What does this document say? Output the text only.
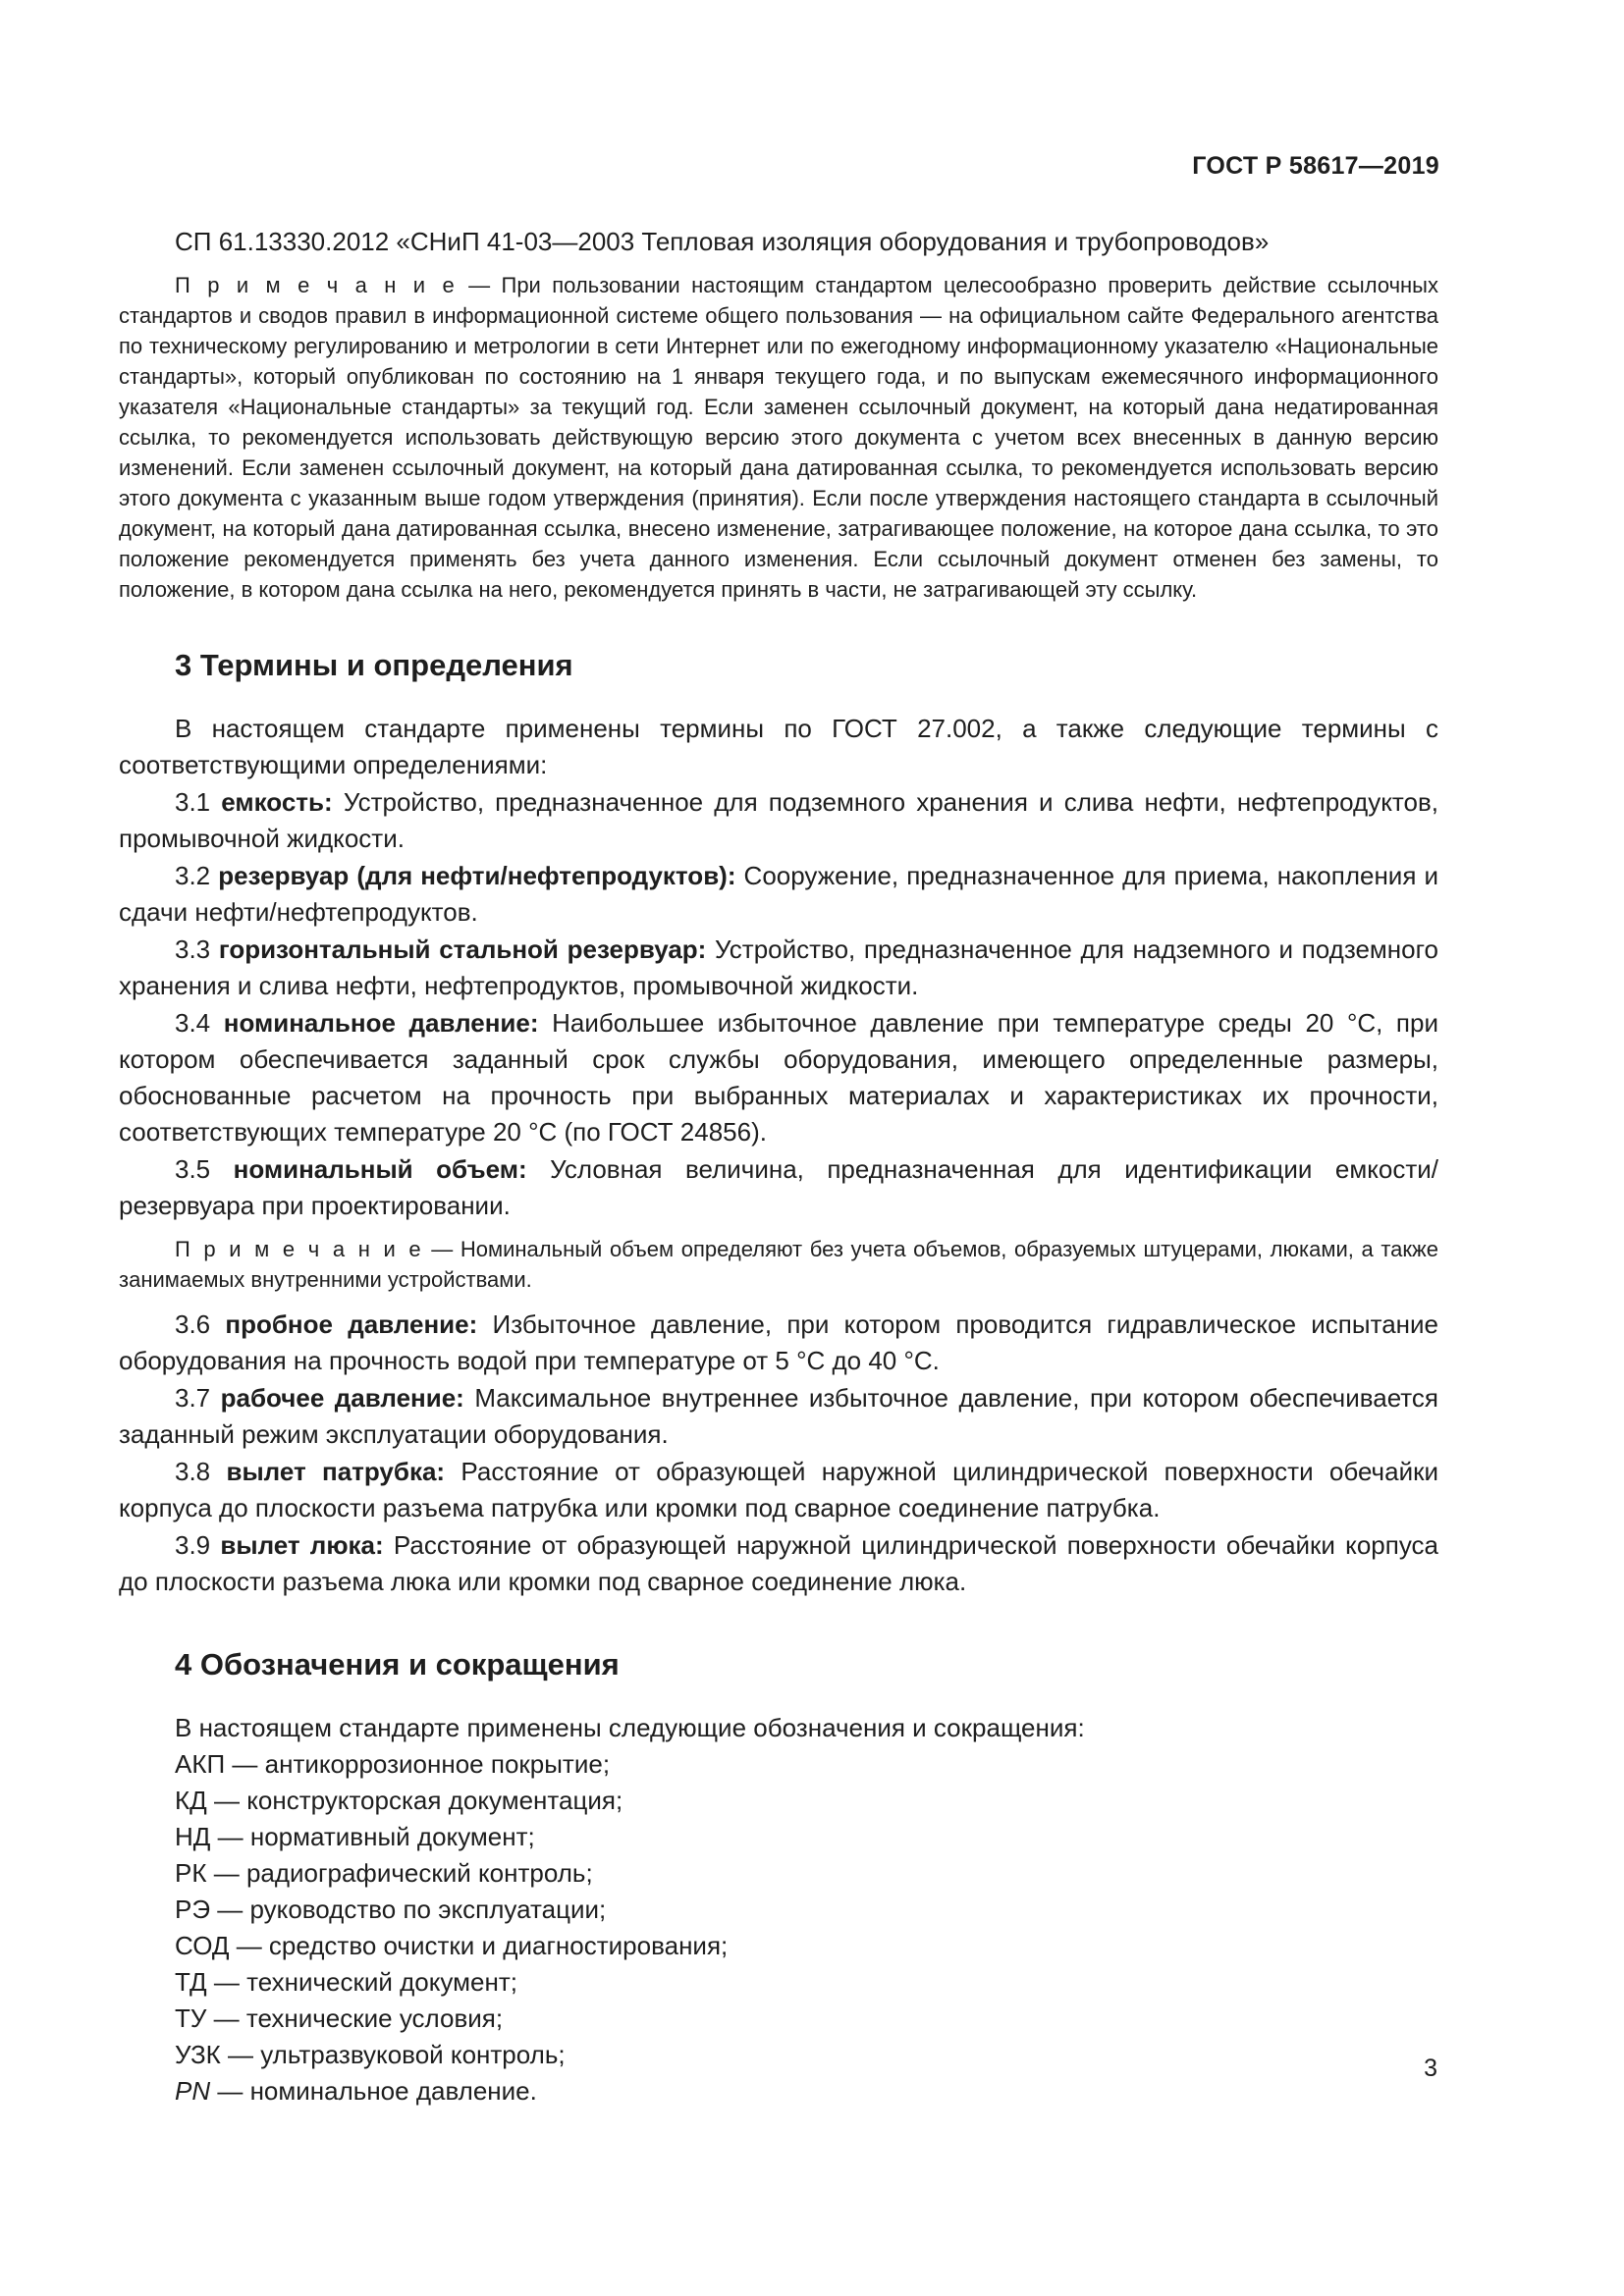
ГОСТ Р 58617—2019

СП 61.13330.2012 «СНиП 41-03—2003 Тепловая изоляция оборудования и трубопроводов»

П р и м е ч а н и е — При пользовании настоящим стандартом целесообразно проверить действие ссылочных стандартов и сводов правил в информационной системе общего пользования — на официальном сайте Федерального агентства по техническому регулированию и метрологии в сети Интернет или по ежегодному информационному указателю «Национальные стандарты», который опубликован по состоянию на 1 января текущего года, и по выпускам ежемесячного информационного указателя «Национальные стандарты» за текущий год. Если заменен ссылочный документ, на который дана недатированная ссылка, то рекомендуется использовать действующую версию этого документа с учетом всех внесенных в данную версию изменений. Если заменен ссылочный документ, на который дана датированная ссылка, то рекомендуется использовать версию этого документа с указанным выше годом утверждения (принятия). Если после утверждения настоящего стандарта в ссылочный документ, на который дана датированная ссылка, внесено изменение, затрагивающее положение, на которое дана ссылка, то это положение рекомендуется применять без учета данного изменения. Если ссылочный документ отменен без замены, то положение, в котором дана ссылка на него, рекомендуется принять в части, не затрагивающей эту ссылку.

3 Термины и определения

В настоящем стандарте применены термины по ГОСТ 27.002, а также следующие термины с соответствующими определениями:

3.1 емкость: Устройство, предназначенное для подземного хранения и слива нефти, нефтепродуктов, промывочной жидкости.

3.2 резервуар (для нефти/нефтепродуктов): Сооружение, предназначенное для приема, накопления и сдачи нефти/нефтепродуктов.

3.3 горизонтальный стальной резервуар: Устройство, предназначенное для надземного и подземного хранения и слива нефти, нефтепродуктов, промывочной жидкости.

3.4 номинальное давление: Наибольшее избыточное давление при температуре среды 20 °С, при котором обеспечивается заданный срок службы оборудования, имеющего определенные размеры, обоснованные расчетом на прочность при выбранных материалах и характеристиках их прочности, соответствующих температуре 20 °С (по ГОСТ 24856).

3.5 номинальный объем: Условная величина, предназначенная для идентификации емкости/резервуара при проектировании.

П р и м е ч а н и е — Номинальный объем определяют без учета объемов, образуемых штуцерами, люками, а также занимаемых внутренними устройствами.

3.6 пробное давление: Избыточное давление, при котором проводится гидравлическое испытание оборудования на прочность водой при температуре от 5 °С до 40 °С.

3.7 рабочее давление: Максимальное внутреннее избыточное давление, при котором обеспечивается заданный режим эксплуатации оборудования.

3.8 вылет патрубка: Расстояние от образующей наружной цилиндрической поверхности обечайки корпуса до плоскости разъема патрубка или кромки под сварное соединение патрубка.

3.9 вылет люка: Расстояние от образующей наружной цилиндрической поверхности обечайки корпуса до плоскости разъема люка или кромки под сварное соединение люка.

4 Обозначения и сокращения

В настоящем стандарте применены следующие обозначения и сокращения:

АКП — антикоррозионное покрытие;
КД — конструкторская документация;
НД — нормативный документ;
РК — радиографический контроль;
РЭ — руководство по эксплуатации;
СОД — средство очистки и диагностирования;
ТД — технический документ;
ТУ — технические условия;
УЗК — ультразвуковой контроль;
PN — номинальное давление.
3
